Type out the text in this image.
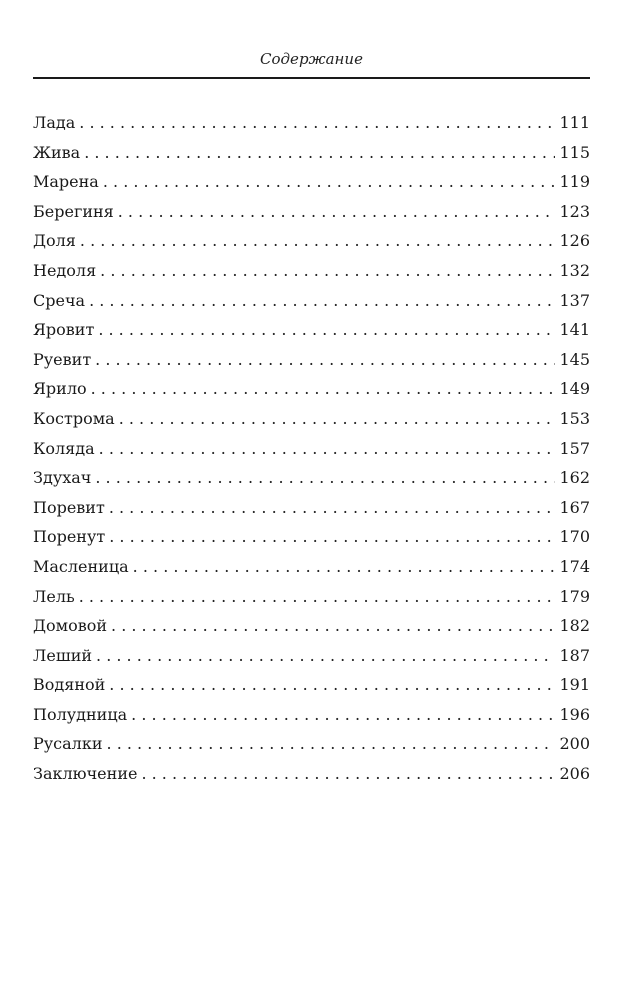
Содержание
Лада . . .	111
Жива . . .	115
Марена . . .	119
Берегиня . . .	123
Доля . . .	126
Недоля . . .	132
Среча . . .	137
Яровит . . .	141
Руевит . . .	145
Ярило . . .	149
Кострома . . .	153
Коляда . . .	157
Здухач . . .	162
Поревит . . .	167
Поренут . . .	170
Масленица . . .	174
Лель . . .	179
Домовой . . .	182
Леший . . .	187
Водяной . . .	191
Полудница . . .	196
Русалки . . .	200
Заключение . . .	206
